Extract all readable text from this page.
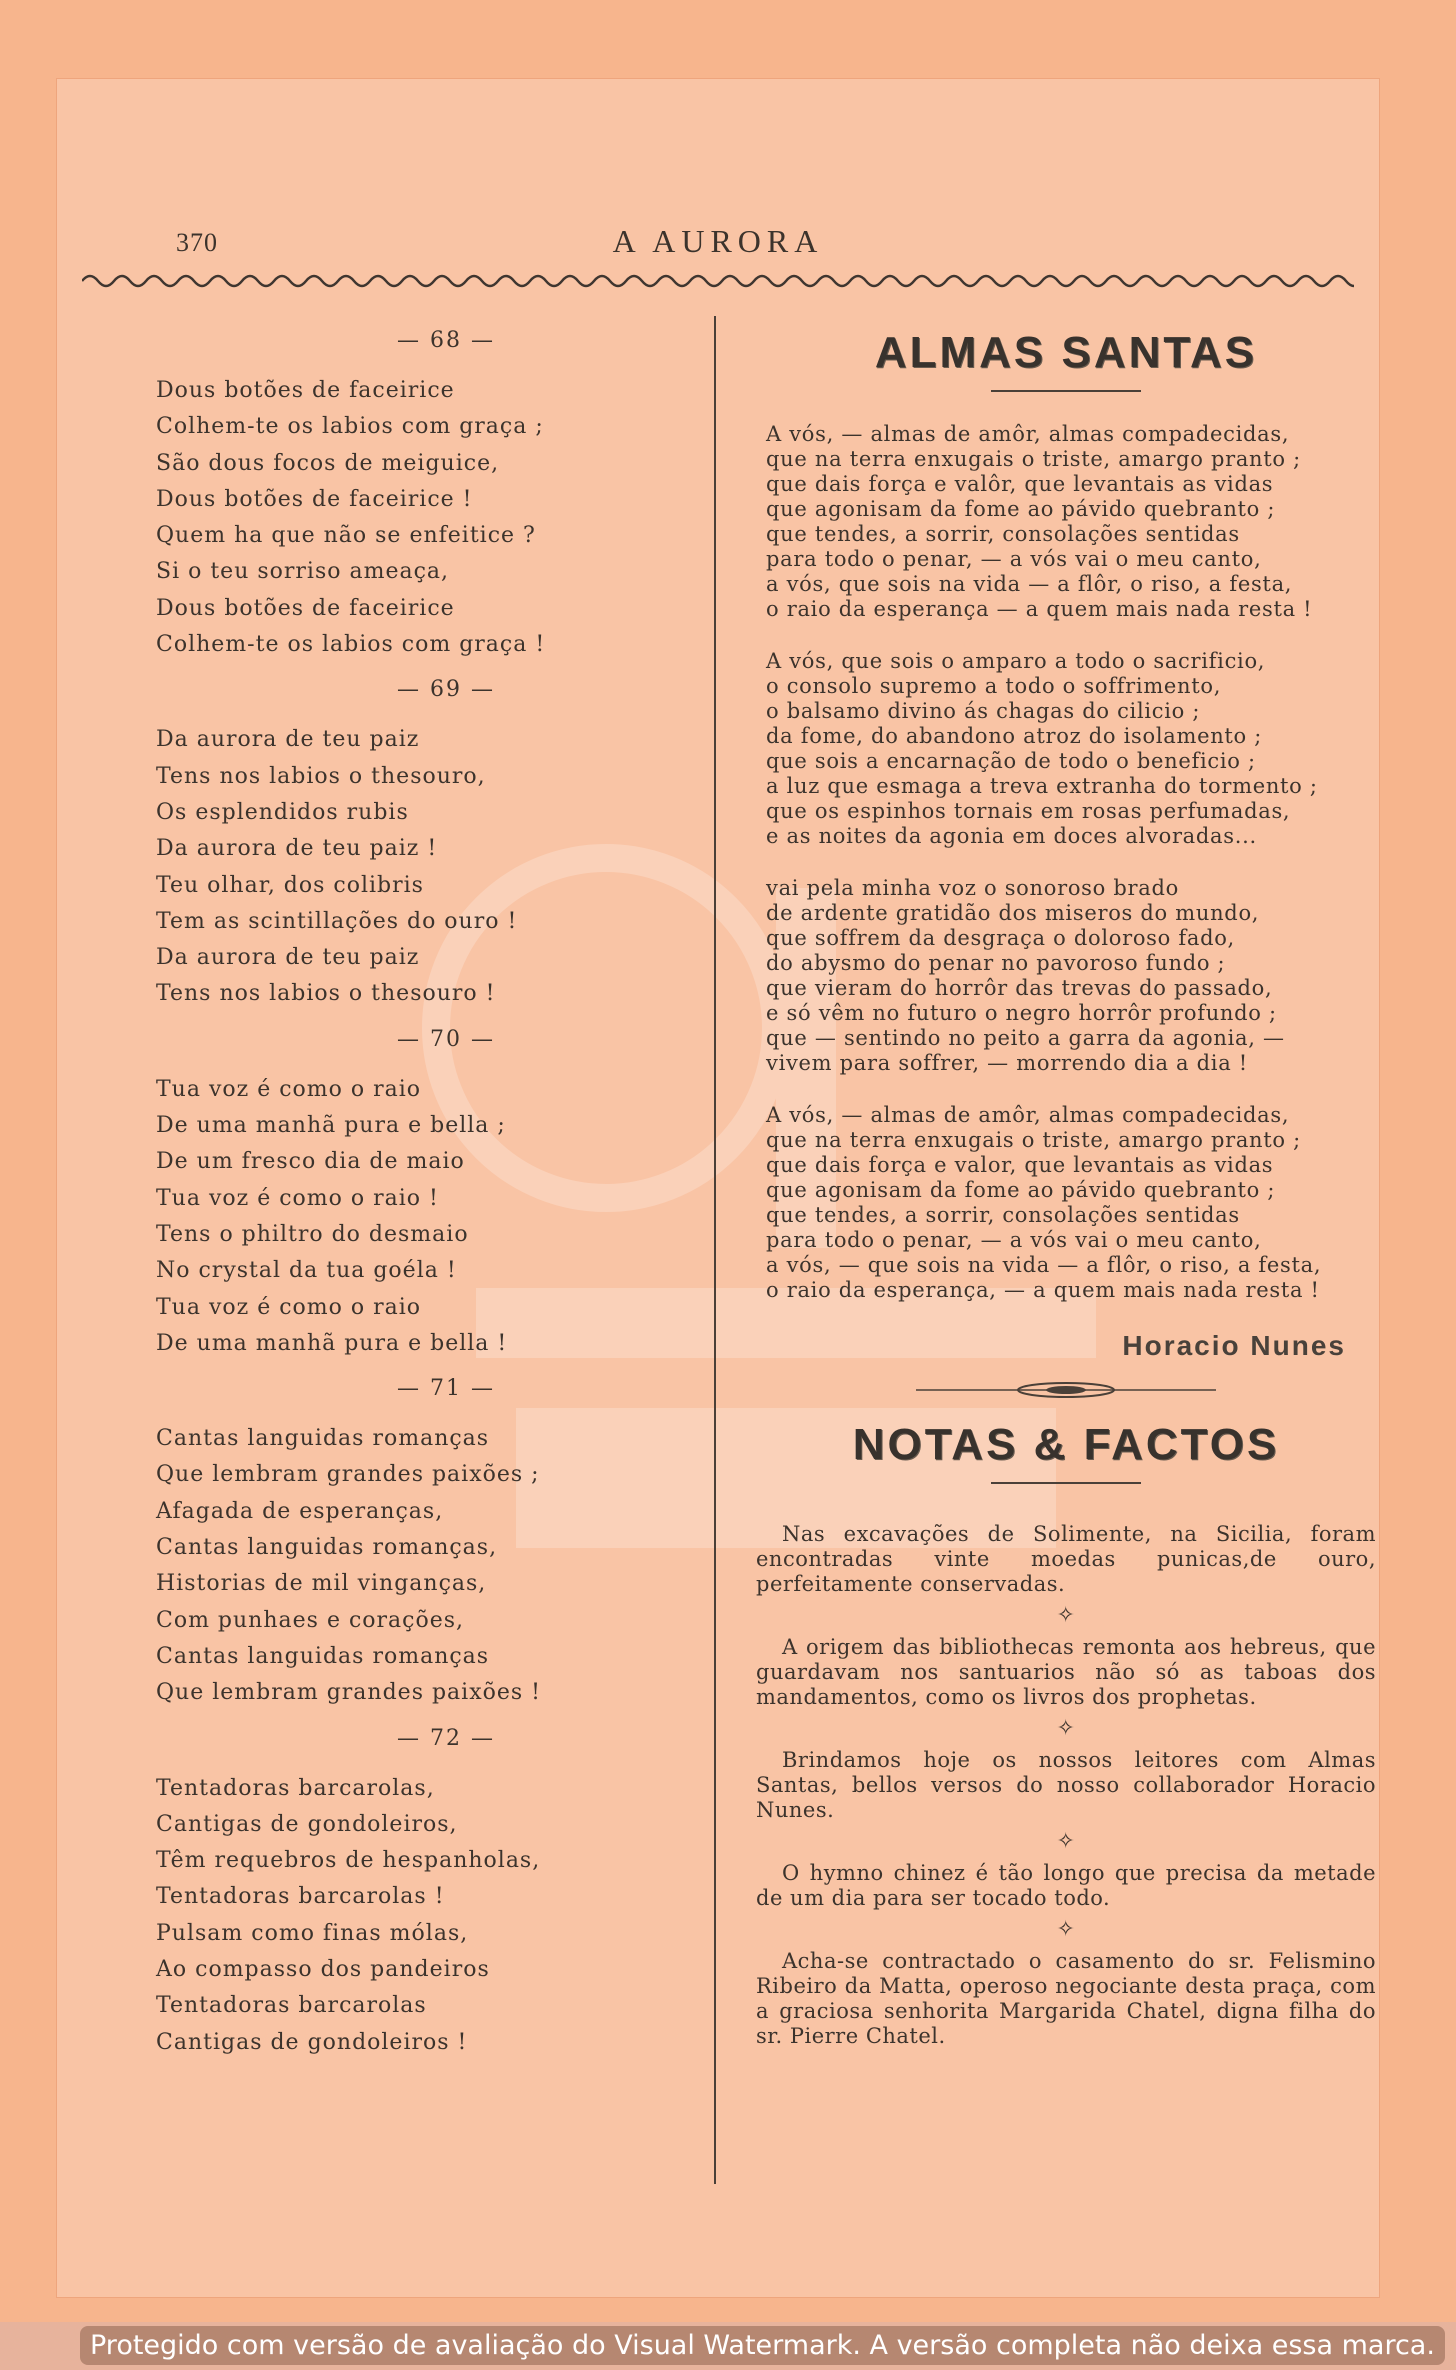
370	A AURORA
— 68 —
Dous botões de faceirice
Colhem-te os labios com graça ;
São dous focos de meiguice,
Dous botões de faceirice !
Quem ha que não se enfeitice ?
Si o teu sorriso ameaça,
Dous botões de faceirice
Colhem-te os labios com graça !
— 69 —
Da aurora de teu paiz
Tens nos labios o thesouro,
Os esplendidos rubis
Da aurora de teu paiz !
Teu olhar, dos colibris
Tem as scintillações do ouro !
Da aurora de teu paiz
Tens nos labios o thesouro !
— 70 —
Tua voz é como o raio
De uma manhã pura e bella ;
De um fresco dia de maio
Tua voz é como o raio !
Tens o philtro do desmaio
No crystal da tua goéla !
Tua voz é como o raio
De uma manhã pura e bella !
— 71 —
Cantas languidas romanças
Que lembram grandes paixões ;
Afagada de esperanças,
Cantas languidas romanças,
Historias de mil vinganças,
Com punhaes e corações,
Cantas languidas romanças
Que lembram grandes paixões !
— 72 —
Tentadoras barcarolas,
Cantigas de gondoleiros,
Têm requebros de hespanholas,
Tentadoras barcarolas !
Pulsam como finas mólas,
Ao compasso dos pandeiros
Tentadoras barcarolas
Cantigas de gondoleiros !
ALMAS SANTAS
A vós, — almas de amôr, almas compadecidas,
que na terra enxugais o triste, amargo pranto ;
que dais força e valôr, que levantais as vidas
que agonisam da fome ao pávido quebranto ;
que tendes, a sorrir, consolações sentidas
para todo o penar, — a vós vai o meu canto,
a vós, que sois na vida — a flôr, o riso, a festa,
o raio da esperança — a quem mais nada resta !
A vós, que sois o amparo a todo o sacrificio,
o consolo supremo a todo o soffrimento,
o balsamo divino ás chagas do cilicio ;
da fome, do abandono atroz do isolamento ;
que sois a encarnação de todo o beneficio ;
a luz que esmaga a treva extranha do tormento ;
que os espinhos tornais em rosas perfumadas,
e as noites da agonia em doces alvoradas...
vai pela minha voz o sonoroso brado
de ardente gratidão dos miseros do mundo,
que soffrem da desgraça o doloroso fado,
do abysmo do penar no pavoroso fundo ;
que vieram do horrôr das trevas do passado,
e só vêm no futuro o negro horrôr profundo ;
que — sentindo no peito a garra da agonia, —
vivem para soffrer, — morrendo dia a dia !
A vós, — almas de amôr, almas compadecidas,
que na terra enxugais o triste, amargo pranto ;
que dais força e valor, que levantais as vidas
que agonisam da fome ao pávido quebranto ;
que tendes, a sorrir, consolações sentidas
para todo o penar, — a vós vai o meu canto,
a vós, — que sois na vida — a flôr, o riso, a festa,
o raio da esperança, — a quem mais nada resta !
Horacio Nunes
NOTAS & FACTOS

Nas excavações de Solimente, na Sicilia, foram encontradas vinte moedas punicas,de ouro, perfeitamente conservadas.

✧

A origem das bibliothecas remonta aos hebreus, que guardavam nos santuarios não só as taboas dos mandamentos, como os livros dos prophetas.

✧

Brindamos hoje os nossos leitores com Almas Santas, bellos versos do nosso collaborador Horacio Nunes.

✧

O hymno chinez é tão longo que precisa da metade de um dia para ser tocado todo.

✧

Acha-se contractado o casamento do sr. Felismino Ribeiro da Matta, operoso negociante desta praça, com a graciosa senhorita Margarida Chatel, digna filha do sr. Pierre Chatel.

Protegido com versão de avaliação do Visual Watermark. A versão completa não deixa essa marca.
